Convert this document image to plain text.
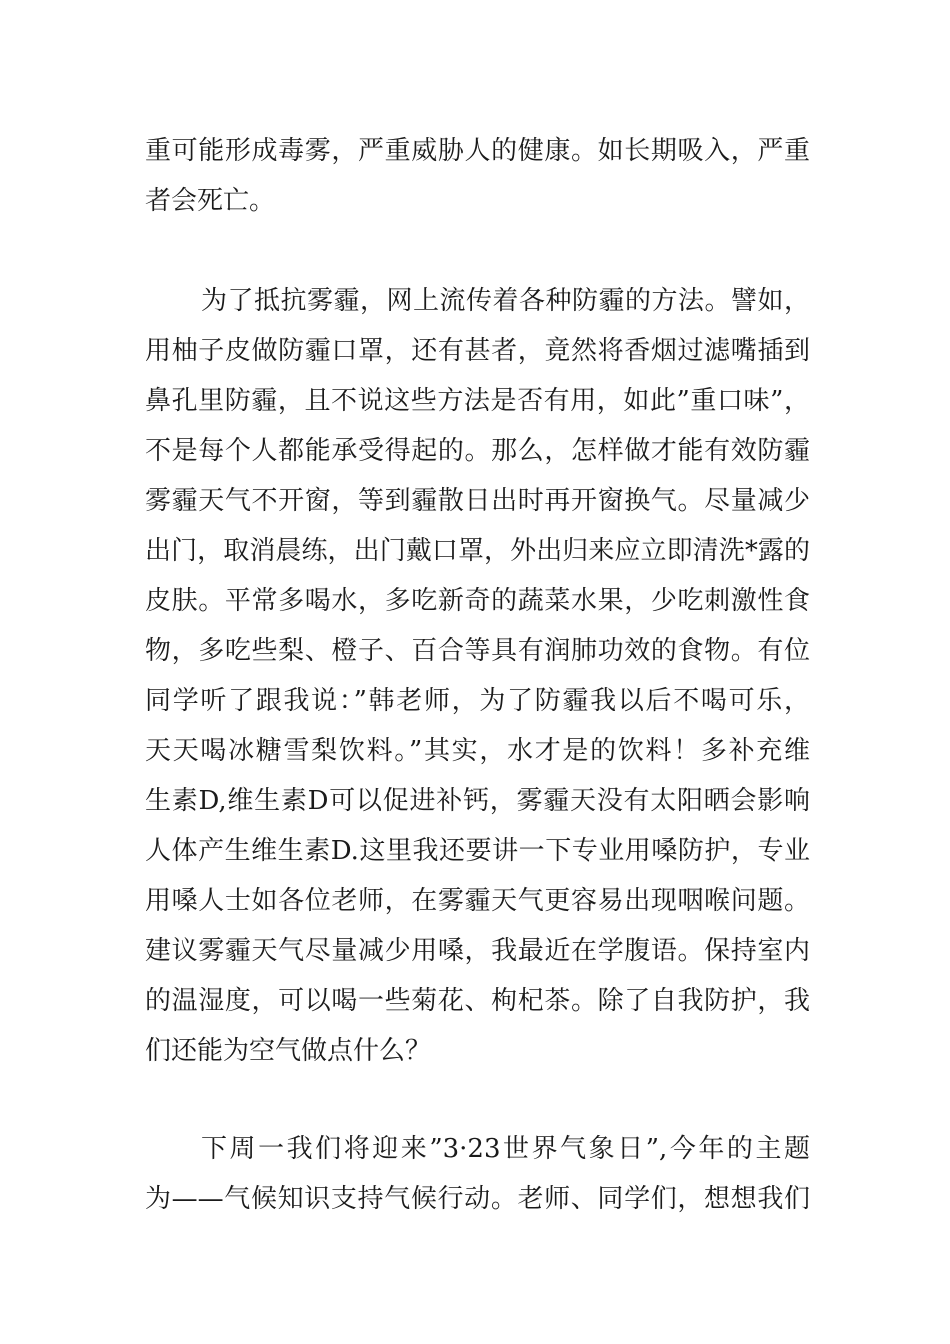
重可能形成毒雾，严重威胁人的健康。如长期吸入，严重
者会死亡。
为了抵抗雾霾，网上流传着各种防霾的方法。譬如，
用柚子皮做防霾口罩，还有甚者，竟然将香烟过滤嘴插到
鼻孔里防霾，且不说这些方法是否有用，如此”重口味”，
不是每个人都能承受得起的。那么，怎样做才能有效防霾
雾霾天气不开窗，等到霾散日出时再开窗换气。尽量减少
出门，取消晨练，出门戴口罩，外出归来应立即清洗*露的
皮肤。平常多喝水，多吃新奇的蔬菜水果，少吃刺激性食
物，多吃些梨、橙子、百合等具有润肺功效的食物。有位
同学听了跟我说：”韩老师，为了防霾我以后不喝可乐，
天天喝冰糖雪梨饮料。”其实，水才是的饮料！多补充维
生素D,维生素D可以促进补钙，雾霾天没有太阳晒会影响
人体产生维生素D.这里我还要讲一下专业用嗓防护，专业
用嗓人士如各位老师，在雾霾天气更容易出现咽喉问题。
建议雾霾天气尽量减少用嗓，我最近在学腹语。保持室内
的温湿度，可以喝一些菊花、枸杞茶。除了自我防护，我
们还能为空气做点什么？
下周一我们将迎来”3·23世界气象日”,今年的主题
为——气候知识支持气候行动。老师、同学们，想想我们
